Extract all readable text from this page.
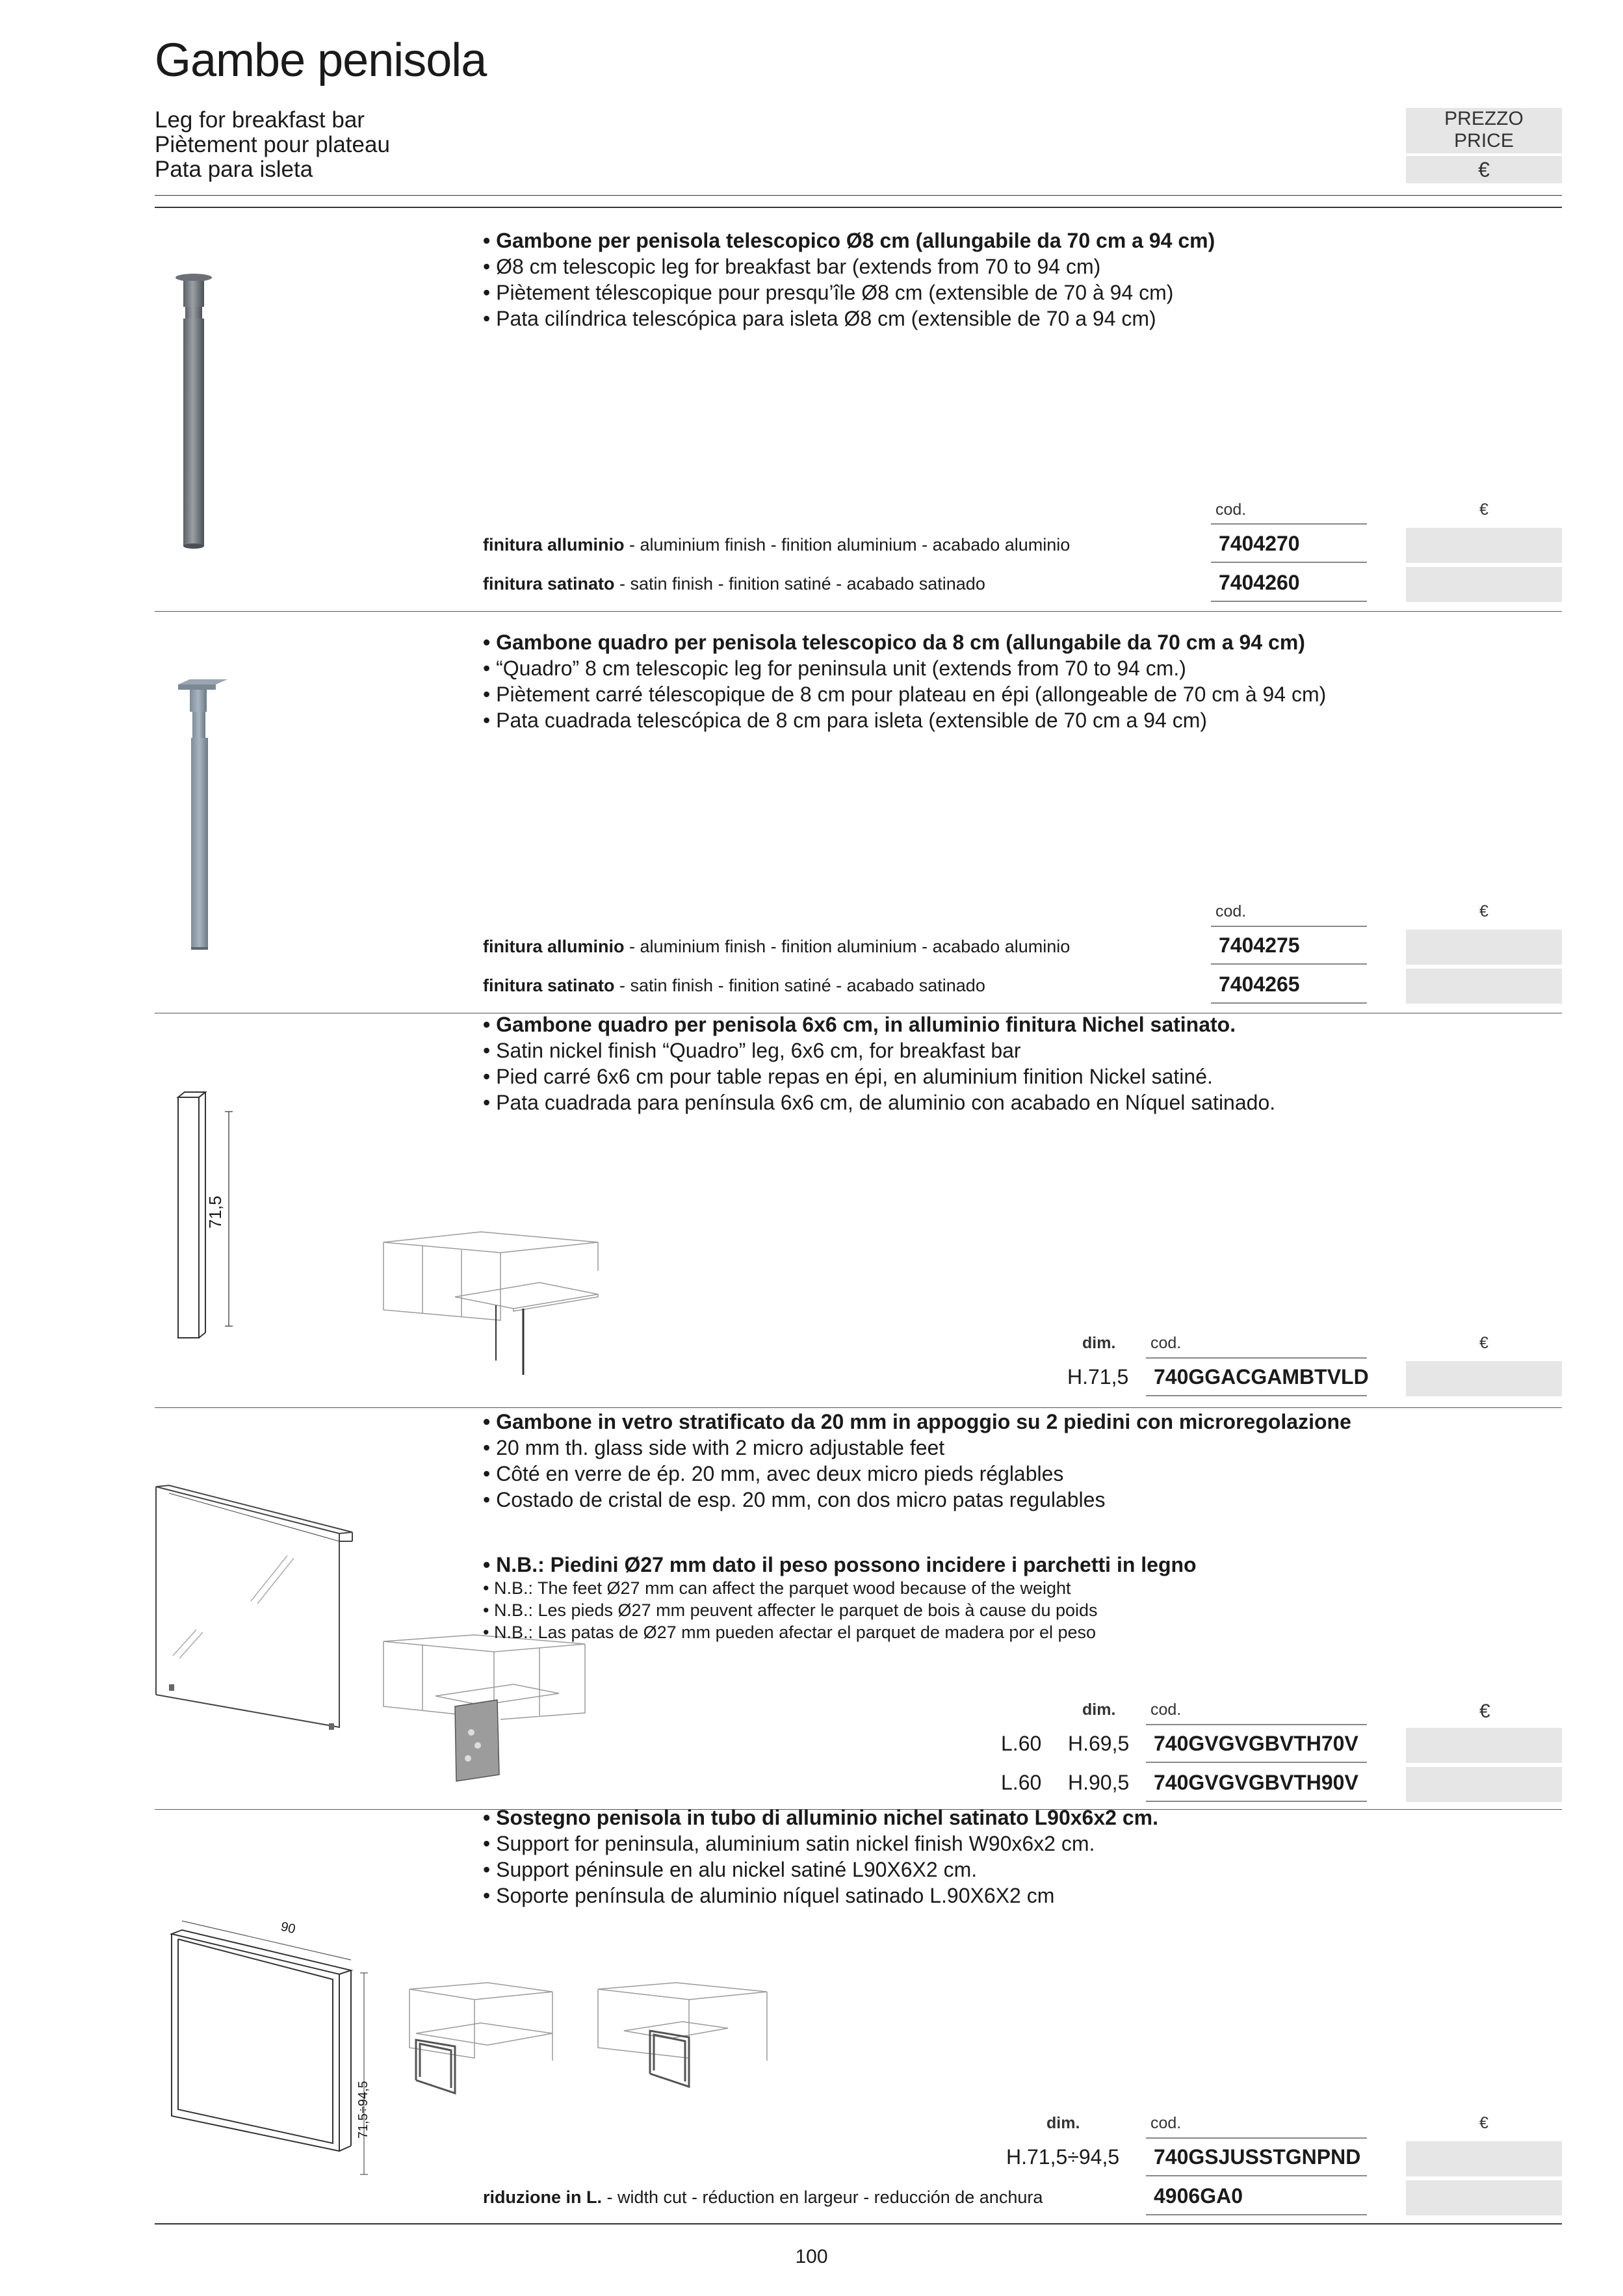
Gambe penisola
Leg for breakfast bar
Piètement pour plateau
Pata para isleta
PREZZO
PRICE
€
• Gambone per penisola telescopico Ø8 cm (allungabile da 70 cm a 94 cm)
• Ø8 cm telescopic leg for breakfast bar (extends from 70 to 94 cm)
• Piètement télescopique pour presqu’île Ø8 cm (extensible de 70 à 94 cm)
• Pata cilíndrica telescópica para isleta Ø8 cm (extensible de 70 a 94 cm)
cod.	€
finitura alluminio - aluminium finish - finition aluminium - acabado aluminio	7404270
finitura satinato - satin finish - finition satiné - acabado satinado	7404260
• Gambone quadro per penisola telescopico da 8 cm (allungabile da 70 cm a 94 cm)
• “Quadro” 8 cm telescopic leg for peninsula unit (extends from 70 to 94 cm.)
• Piètement carré télescopique de 8 cm pour plateau en épi (allongeable de 70 cm à 94 cm)
• Pata cuadrada telescópica de 8 cm para isleta (extensible de 70 cm a 94 cm)
cod.	€
finitura alluminio - aluminium finish - finition aluminium - acabado aluminio	7404275
finitura satinato - satin finish - finition satiné - acabado satinado	7404265
71,5
• Gambone quadro per penisola 6x6 cm, in alluminio finitura Nichel satinato.
• Satin nickel finish “Quadro” leg, 6x6 cm, for breakfast bar
• Pied carré 6x6 cm pour table repas en épi, en aluminium finition Nickel satiné.
• Pata cuadrada para península 6x6 cm, de aluminio con acabado en Níquel satinado.
dim. cod.	€
H.71,5 740GGACGAMBTVLD
• Gambone in vetro stratificato da 20 mm in appoggio su 2 piedini con microregolazione
• 20 mm th. glass side with 2 micro adjustable feet
• Côté en verre de ép. 20 mm, avec deux micro pieds réglables
• Costado de cristal de esp. 20 mm, con dos micro patas regulables
• N.B.: Piedini Ø27 mm dato il peso possono incidere i parchetti in legno
• N.B.: The feet Ø27 mm can affect the parquet wood because of the weight
• N.B.: Les pieds Ø27 mm peuvent affecter le parquet de bois à cause du poids
• N.B.: Las patas de Ø27 mm pueden afectar el parquet de madera por el peso
dim. cod.	€
L.60 H.69,5 740GVGVGBVTH70V
L.60 H.90,5 740GVGVGBVTH90V
90
71,5÷94,5
• Sostegno penisola in tubo di alluminio nichel satinato L90x6x2 cm.
• Support for peninsula, aluminium satin nickel finish W90x6x2 cm.
• Support péninsule en alu nickel satiné L90X6X2 cm.
• Soporte península de aluminio níquel satinado L.90X6X2 cm
dim.	cod.	€
H.71,5÷94,5 740GSJUSSTGNPND
riduzione in L. - width cut - réduction en largeur - reducción de anchura	4906GA0
100
